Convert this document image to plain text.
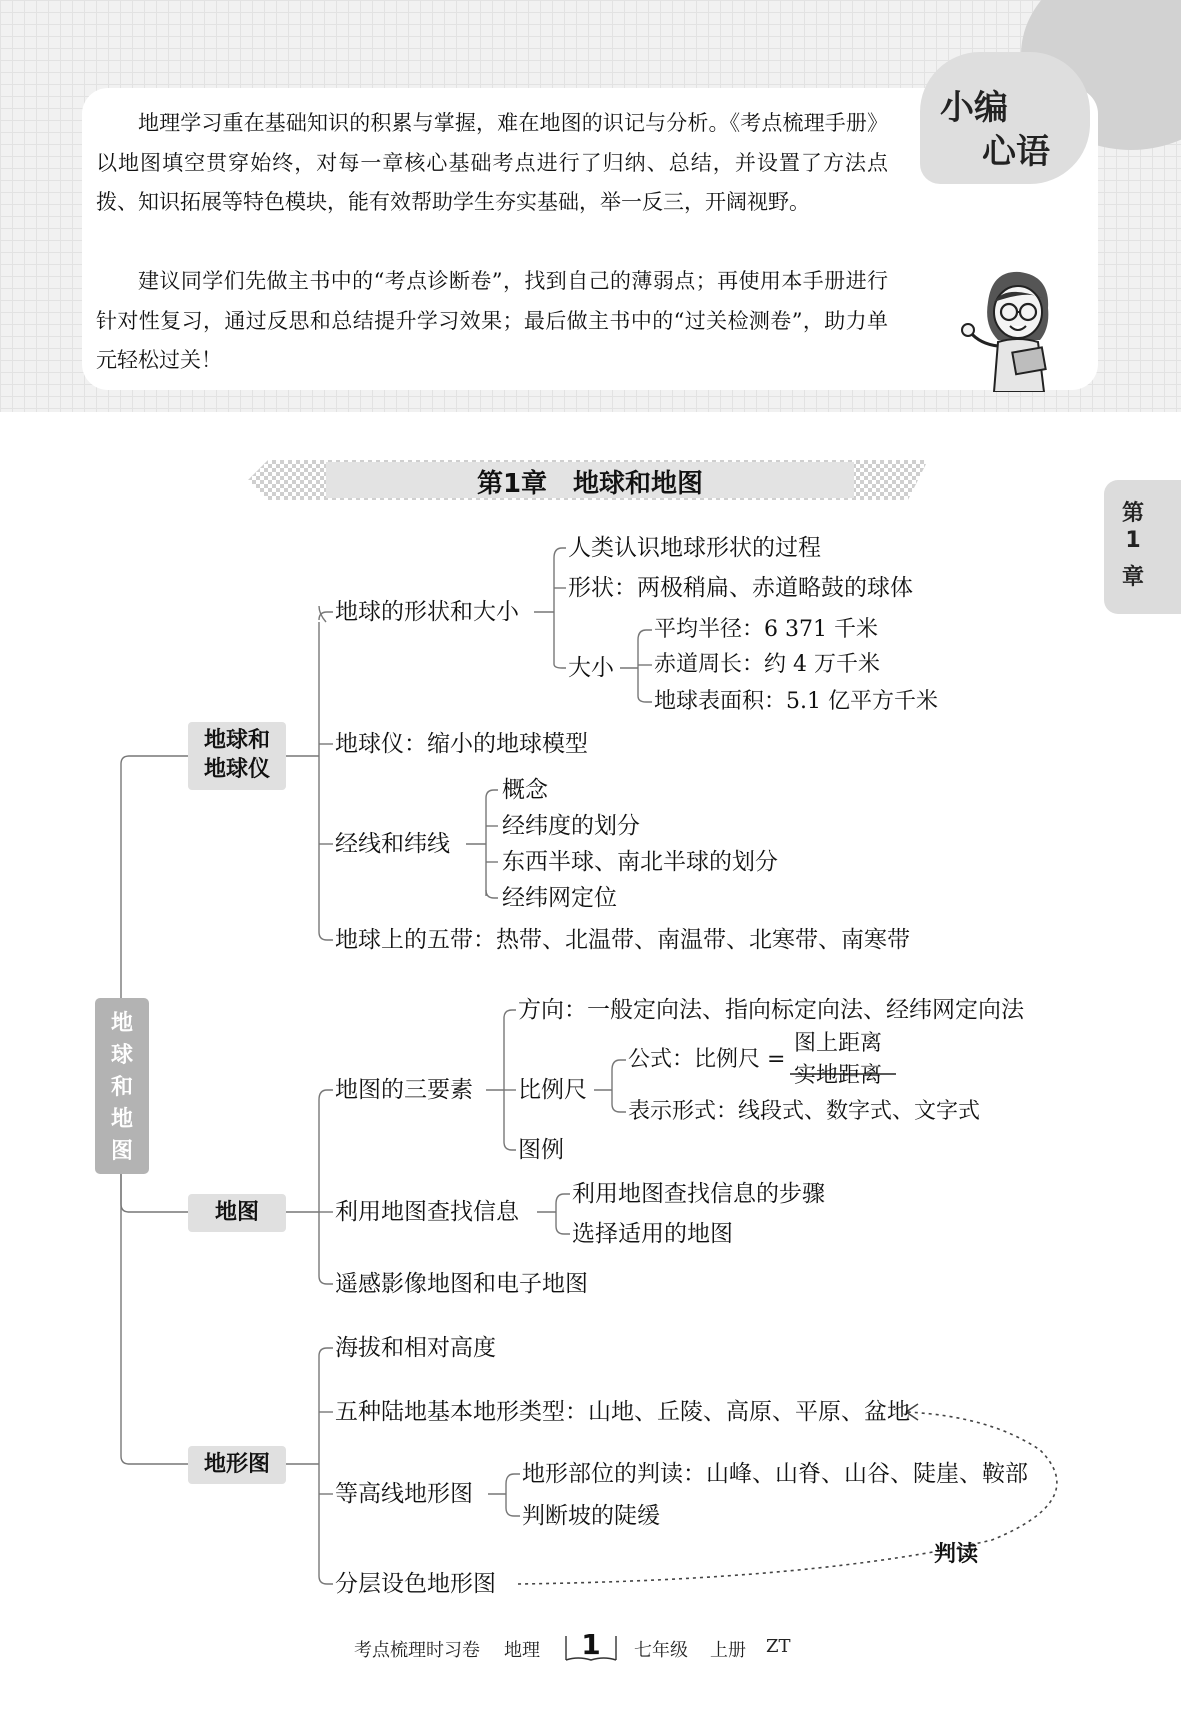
小编
心语

地理学习重在基础知识的积累与掌握，难在地图的识记与分析。《考点梳理手册》以地图填空贯穿始终，对每一章核心基础考点进行了归纳、总结，并设置了方法点拨、知识拓展等特色模块，能有效帮助学生夯实基础，举一反三，开阔视野。

建议同学们先做主书中的“考点诊断卷”，找到自己的薄弱点；再使用本手册进行针对性复习，通过反思和总结提升学习效果；最后做主书中的“过关检测卷”，助力单元轻松过关！

第1章　地球和地图
第
1
章
地
球
和
地
图
地球和
地球仪
地球的形状和大小
人类认识地球形状的过程
形状：两极稍扁、赤道略鼓的球体
大小
平均半径：6 371 千米
赤道周长：约 4 万千米
地球表面积：5.1 亿平方千米
地球仪：缩小的地球模型
经线和纬线
概念
经纬度的划分
东西半球、南北半球的划分
经纬网定位
地球上的五带：热带、北温带、南温带、北寒带、南寒带
地图
地图的三要素
方向：一般定向法、指向标定向法、经纬网定向法
比例尺
公式：比例尺 =
图上距离
实地距离
表示形式：线段式、数字式、文字式
图例
利用地图查找信息
利用地图查找信息的步骤
选择适用的地图
遥感影像地图和电子地图
地形图
海拔和相对高度
五种陆地基本地形类型：山地、丘陵、高原、平原、盆地
等高线地形图
地形部位的判读：山峰、山脊、山谷、陡崖、鞍部
判断坡的陡缓
分层设色地形图
判读
考点梳理时习卷 地理 1 七年级 上册 ZT
